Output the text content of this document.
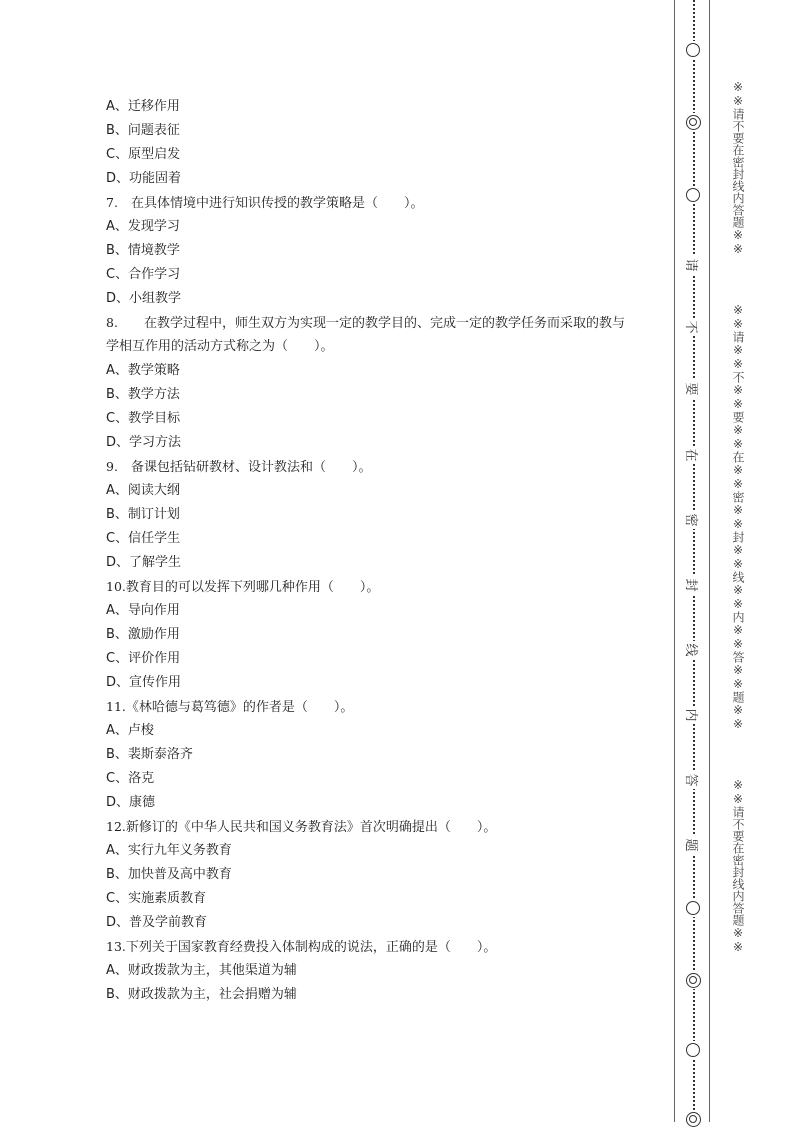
A、迁移作用
B、问题表征
C、原型启发
D、功能固着
7.　在具体情境中进行知识传授的教学策略是（　　）。
A、发现学习
B、情境教学
C、合作学习
D、小组教学
8.　　在教学过程中，师生双方为实现一定的教学目的、完成一定的教学任务而采取的教与
学相互作用的活动方式称之为（　　）。
A、教学策略
B、教学方法
C、教学目标
D、学习方法
9.　备课包括钻研教材、设计教法和（　　）。
A、阅读大纲
B、制订计划
C、信任学生
D、了解学生
10.教育目的可以发挥下列哪几种作用（　　）。
A、导向作用
B、激励作用
C、评价作用
D、宣传作用
11.《林哈德与葛笃德》的作者是（　　）。
A、卢梭
B、裴斯泰洛齐
C、洛克
D、康德
12.新修订的《中华人民共和国义务教育法》首次明确提出（　　）。
A、实行九年义务教育
B、加快普及高中教育
C、实施素质教育
D、普及学前教育
13.下列关于国家教育经费投入体制构成的说法，正确的是（　　）。
A、财政拨款为主，其他渠道为辅
B、财政拨款为主，社会捐赠为辅
请
不
要
在
密
封
线
内
答
题
※※请不要在密封线内答题※※
※※请※※不※※要※※在※※密※※封※※线※※内※※答※※题※※
※※请不要在密封线内答题※※
